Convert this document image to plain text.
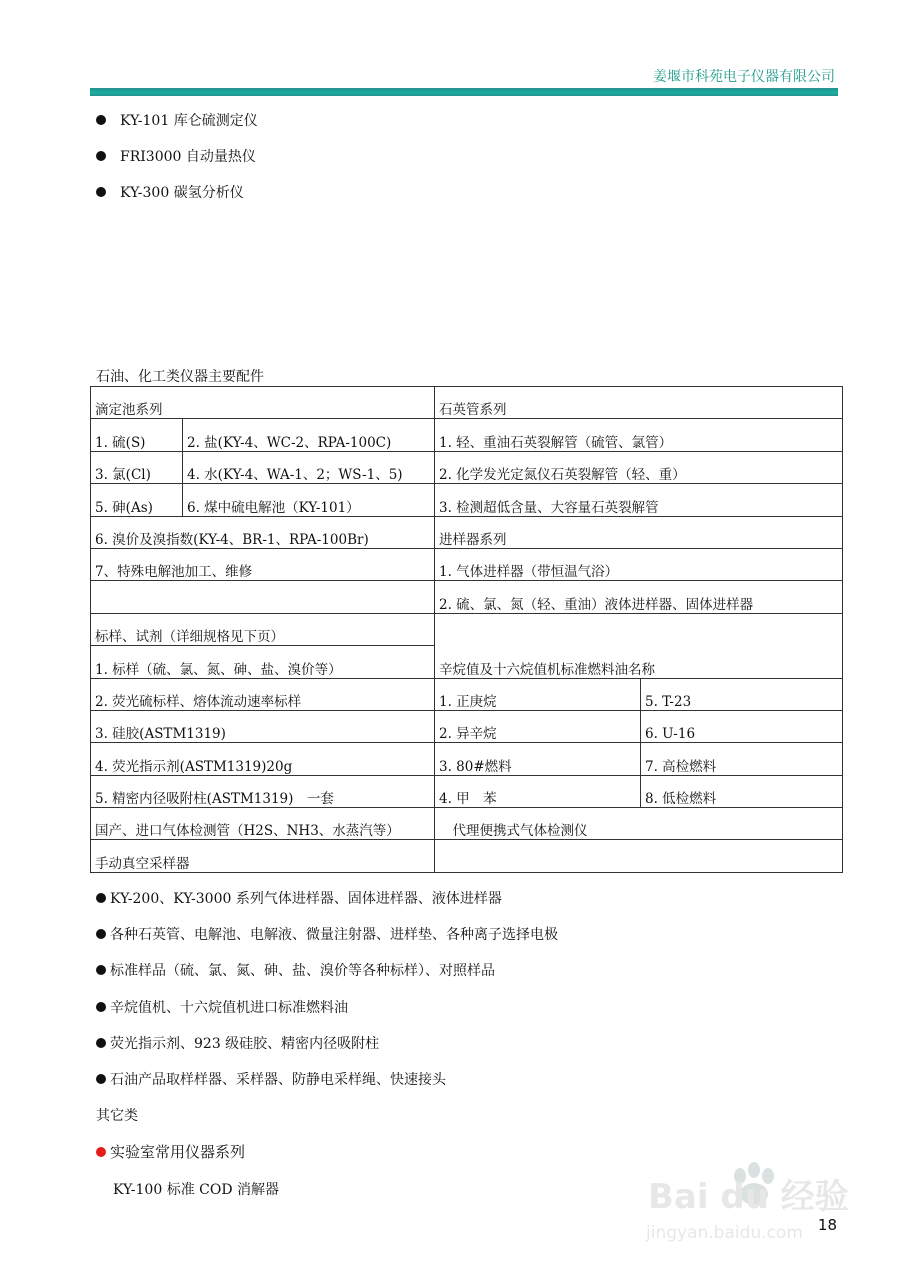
姜堰市科苑电子仪器有限公司
KY-101 库仑硫测定仪
FRI3000 自动量热仪
KY-300 碳氢分析仪
石油、化工类仪器主要配件
滴定池系列		石英管系列	
1. 硫(S)	2. 盐(KY-4、WC-2、RPA-100C)	1. 轻、重油石英裂解管（硫管、氯管）	
3. 氯(Cl)	4. 水(KY-4、WA-1、2；WS-1、5)	2. 化学发光定氮仪石英裂解管（轻、重）	
5. 砷(As)	6. 煤中硫电解池（KY-101）	3. 检测超低含量、大容量石英裂解管	
6. 溴价及溴指数(KY-4、BR-1、RPA-100Br)		进样器系列	
7、特殊电解池加工、维修		1. 气体进样器（带恒温气浴）	
		2. 硫、氯、氮（轻、重油）液体进样器、固体进样器	
标样、试剂（详细规格见下页）			
1. 标样（硫、氯、氮、砷、盐、溴价等）		辛烷值及十六烷值机标准燃料油名称	
2. 荧光硫标样、熔体流动速率标样		1. 正庚烷	5. T-23
3. 硅胶(ASTM1319)		2. 异辛烷	6. U-16
4. 荧光指示剂(ASTM1319)20g		3. 80#燃料	7. 高检燃料
5. 精密内径吸附柱(ASTM1319)　一套		4. 甲　苯	8. 低检燃料
国产、进口气体检测管（H2S、NH3、水蒸汽等）		　代理便携式气体检测仪	
手动真空采样器			
KY-200、KY-3000 系列气体进样器、固体进样器、液体进样器
各种石英管、电解池、电解液、微量注射器、进样垫、各种离子选择电极
标准样品（硫、氯、氮、砷、盐、溴价等各种标样）、对照样品
辛烷值机、十六烷值机进口标准燃料油
荧光指示剂、923 级硅胶、精密内径吸附柱
石油产品取样样器、采样器、防静电采样绳、快速接头
其它类
实验室常用仪器系列
KY-100 标准 COD 消解器	Bai du 经验
jingyan.baidu.com 18
